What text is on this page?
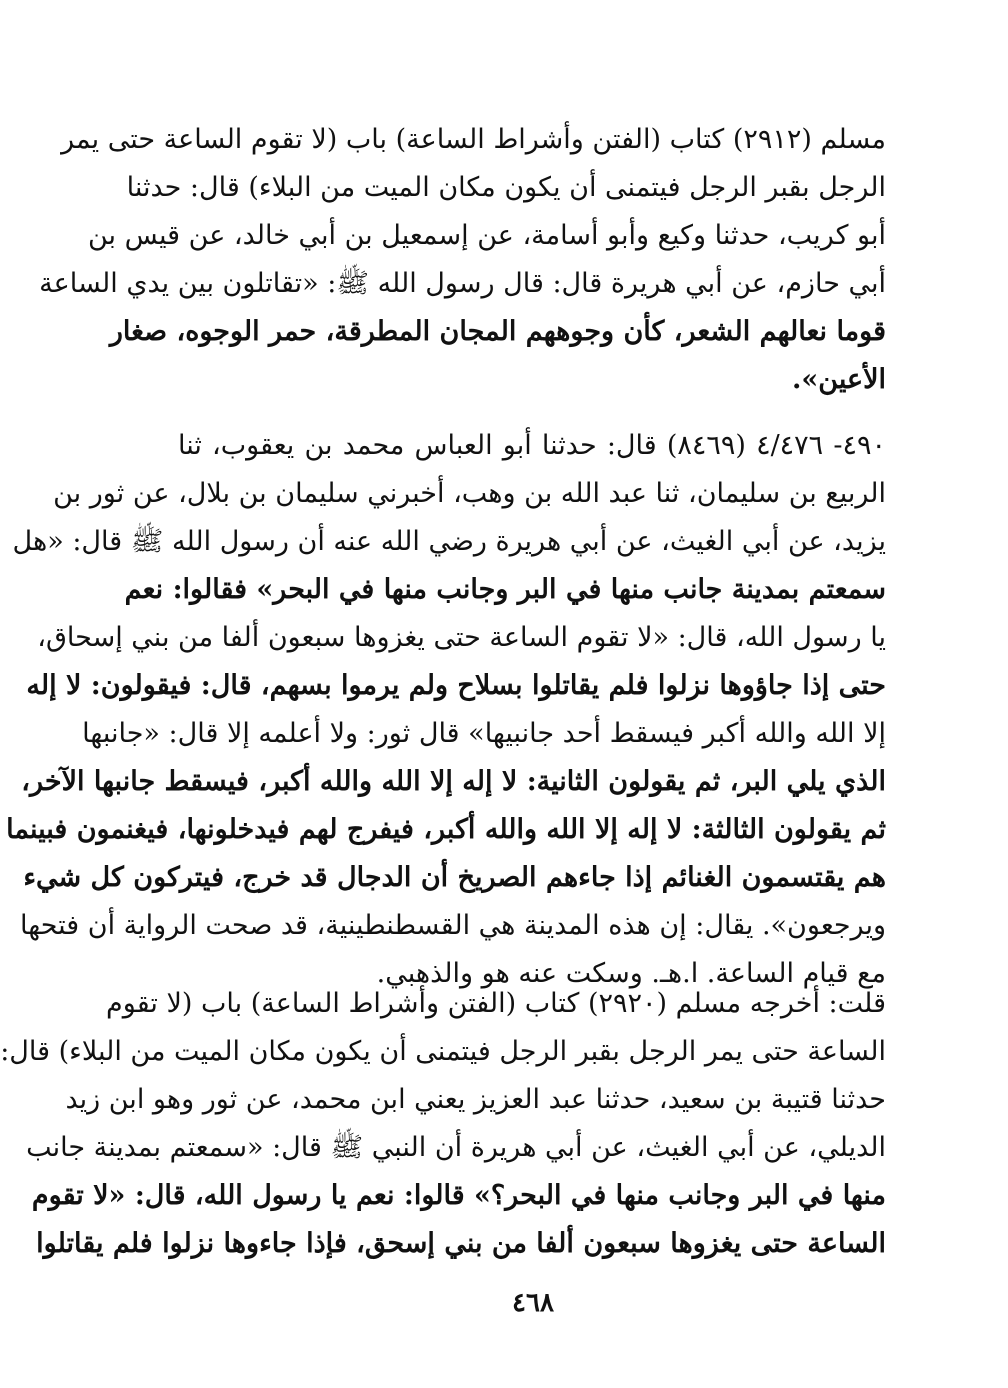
مسلم (٢٩١٢) كتاب (الفتن وأشراط الساعة) باب (لا تقوم الساعة حتى يمر
الرجل بقبر الرجل فيتمنى أن يكون مكان الميت من البلاء) قال: حدثنا
أبو كريب، حدثنا وكيع وأبو أسامة، عن إسمعيل بن أبي خالد، عن قيس بن
أبي حازم، عن أبي هريرة قال: قال رسول الله ﷺ: «تقاتلون بين يدي الساعة
قوما نعالهم الشعر، كأن وجوههم المجان المطرقة، حمر الوجوه، صغار
الأعين».
٤٩٠- ٤/٤٧٦ (٨٤٦٩) قال: حدثنا أبو العباس محمد بن يعقوب، ثنا
الربيع بن سليمان، ثنا عبد الله بن وهب، أخبرني سليمان بن بلال، عن ثور بن
يزيد، عن أبي الغيث، عن أبي هريرة رضي الله عنه أن رسول الله ﷺ قال: «هل
سمعتم بمدينة جانب منها في البر وجانب منها في البحر» فقالوا: نعم
يا رسول الله، قال: «لا تقوم الساعة حتى يغزوها سبعون ألفا من بني إسحاق،
حتى إذا جاؤوها نزلوا فلم يقاتلوا بسلاح ولم يرموا بسهم، قال: فيقولون: لا إله
إلا الله والله أكبر فيسقط أحد جانبيها» قال ثور: ولا أعلمه إلا قال: «جانبها
الذي يلي البر، ثم يقولون الثانية: لا إله إلا الله والله أكبر، فيسقط جانبها الآخر،
ثم يقولون الثالثة: لا إله إلا الله والله أكبر، فيفرج لهم فيدخلونها، فيغنمون فبينما
هم يقتسمون الغنائم إذا جاءهم الصريخ أن الدجال قد خرج، فيتركون كل شيء
ويرجعون». يقال: إن هذه المدينة هي القسطنطينية، قد صحت الرواية أن فتحها
مع قيام الساعة. ا.هـ. وسكت عنه هو والذهبي.
قلت: أخرجه مسلم (٢٩٢٠) كتاب (الفتن وأشراط الساعة) باب (لا تقوم
الساعة حتى يمر الرجل بقبر الرجل فيتمنى أن يكون مكان الميت من البلاء) قال:
حدثنا قتيبة بن سعيد، حدثنا عبد العزيز يعني ابن محمد، عن ثور وهو ابن زيد
الديلي، عن أبي الغيث، عن أبي هريرة أن النبي ﷺ قال: «سمعتم بمدينة جانب
منها في البر وجانب منها في البحر؟» قالوا: نعم يا رسول الله، قال: «لا تقوم
الساعة حتى يغزوها سبعون ألفا من بني إسحق، فإذا جاءوها نزلوا فلم يقاتلوا
٤٦٨
